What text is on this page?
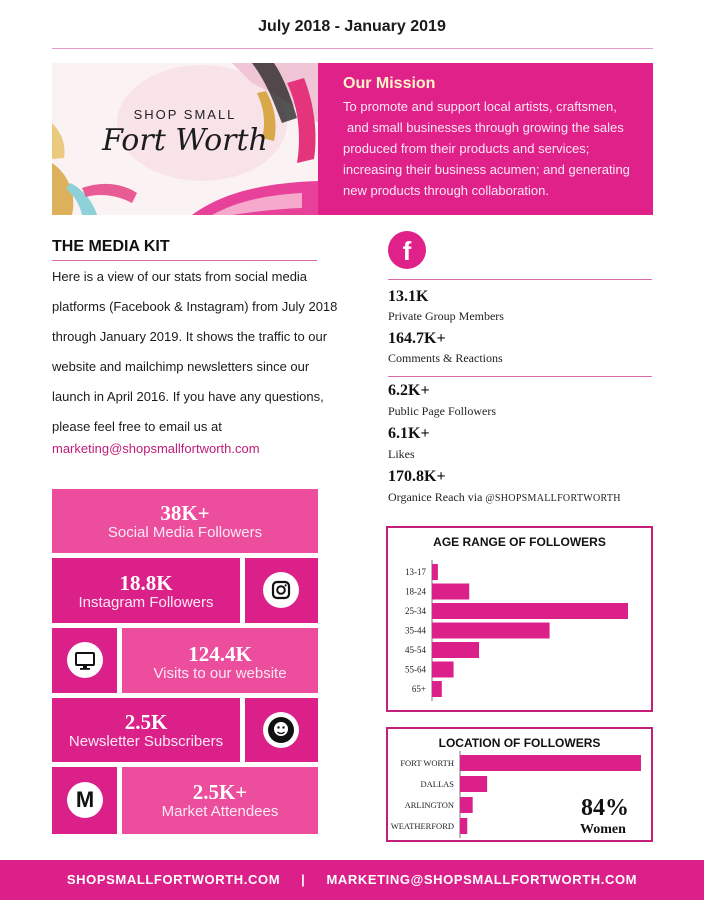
July 2018 - January 2019
SHOP SMALL
Fort Worth
Our Mission
To promote and support local artists, craftsmen,
and small businesses through growing the sales
produced from their products and services;
increasing their business acumen; and generating
new products through collaboration.
THE MEDIA KIT
Here is a view of our stats from social media
platforms (Facebook & Instagram) from July 2018
through January 2019. It shows the traffic to our
website and mailchimp newsletters since our
launch in April 2016. If you have any questions,
please feel free to email us at
marketing@shopsmallfortworth.com
38K+
Social Media Followers
18.8K
Instagram Followers
124.4K
Visits to our website
2.5K
Newsletter Subscribers
M	2.5K+
Market Attendees
f
13.1K
Private Group Members
164.7K+
Comments & Reactions
6.2K+
Public Page Followers
6.1K+
Likes
170.8K+
Organice Reach via @SHOPSMALLFORTWORTH
AGE RANGE OF FOLLOWERS
13-17
18-24
25-34
35-44
45-54
55-64
65+
LOCATION OF FOLLOWERS
FORT WORTH
DALLAS
ARLINGTON
WEATHERFORD
84%
Women
SHOPSMALLFORTWORTH.COM     |     MARKETING@SHOPSMALLFORTWORTH.COM
